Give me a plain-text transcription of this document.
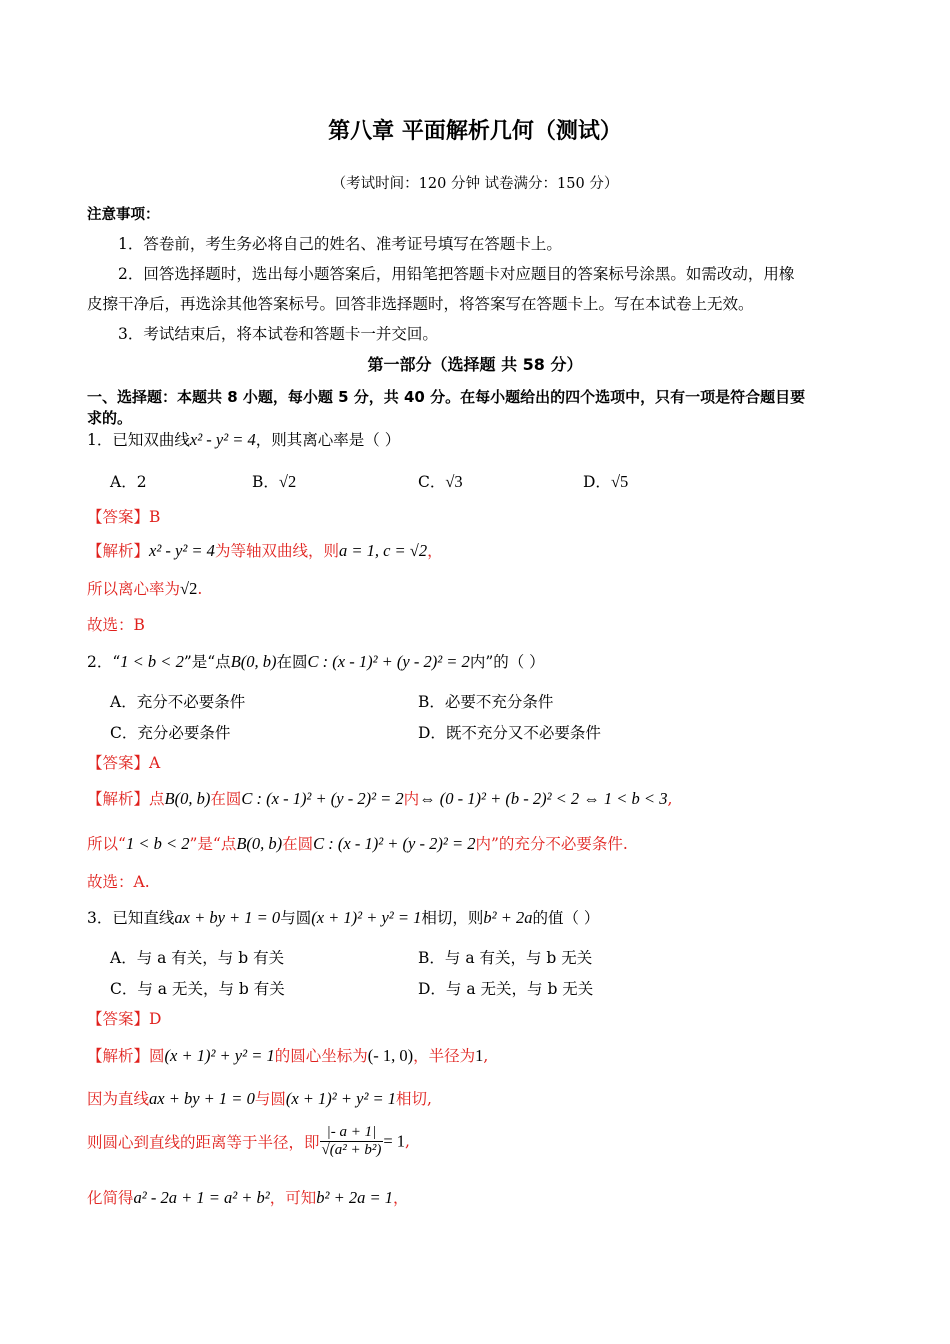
第八章 平面解析几何（测试）
（考试时间：120 分钟 试卷满分：150 分）
注意事项：
1．答卷前，考生务必将自己的姓名、准考证号填写在答题卡上。
2．回答选择题时，选出每小题答案后，用铅笔把答题卡对应题目的答案标号涂黑。如需改动，用橡
皮擦干净后，再选涂其他答案标号。回答非选择题时，将答案写在答题卡上。写在本试卷上无效。
3．考试结束后，将本试卷和答题卡一并交回。
第一部分（选择题 共 58 分）
一、选择题：本题共 8 小题，每小题 5 分，共 40 分。在每小题给出的四个选项中，只有一项是符合题目要
求的。
1．已知双曲线x² - y² = 4，则其离心率是（ ）
A．2	B．√2	C．√3	D．√5
【答案】B
【解析】x² - y² = 4为等轴双曲线，则a = 1, c = √2，
所以离心率为√2.
故选：B
2．“1 < b < 2”是“点B(0, b)在圆C : (x - 1)² + (y - 2)² = 2内”的（ ）
A．充分不必要条件	B．必要不充分条件
C．充分必要条件	D．既不充分又不必要条件
【答案】A
【解析】点B(0, b)在圆C : (x - 1)² + (y - 2)² = 2内⇔ (0 - 1)² + (b - 2)² < 2 ⇔ 1 < b < 3,
所以“1 < b < 2”是“点B(0, b)在圆C : (x - 1)² + (y - 2)² = 2内”的充分不必要条件.
故选：A.
3．已知直线ax + by + 1 = 0与圆(x + 1)² + y² = 1相切，则b² + 2a的值（ ）
A．与 a 有关，与 b 有关	B．与 a 有关，与 b 无关
C．与 a 无关，与 b 有关	D．与 a 无关，与 b 无关
【答案】D
【解析】圆(x + 1)² + y² = 1的圆心坐标为(- 1, 0)，半径为1,
因为直线ax + by + 1 = 0与圆(x + 1)² + y² = 1相切,
则圆心到直线的距离等于半径，即 $\frac{|- a + 1|}{\text{√(a² + b²)}} = 1$,
化简得a² - 2a + 1 = a² + b²，可知b² + 2a = 1，
